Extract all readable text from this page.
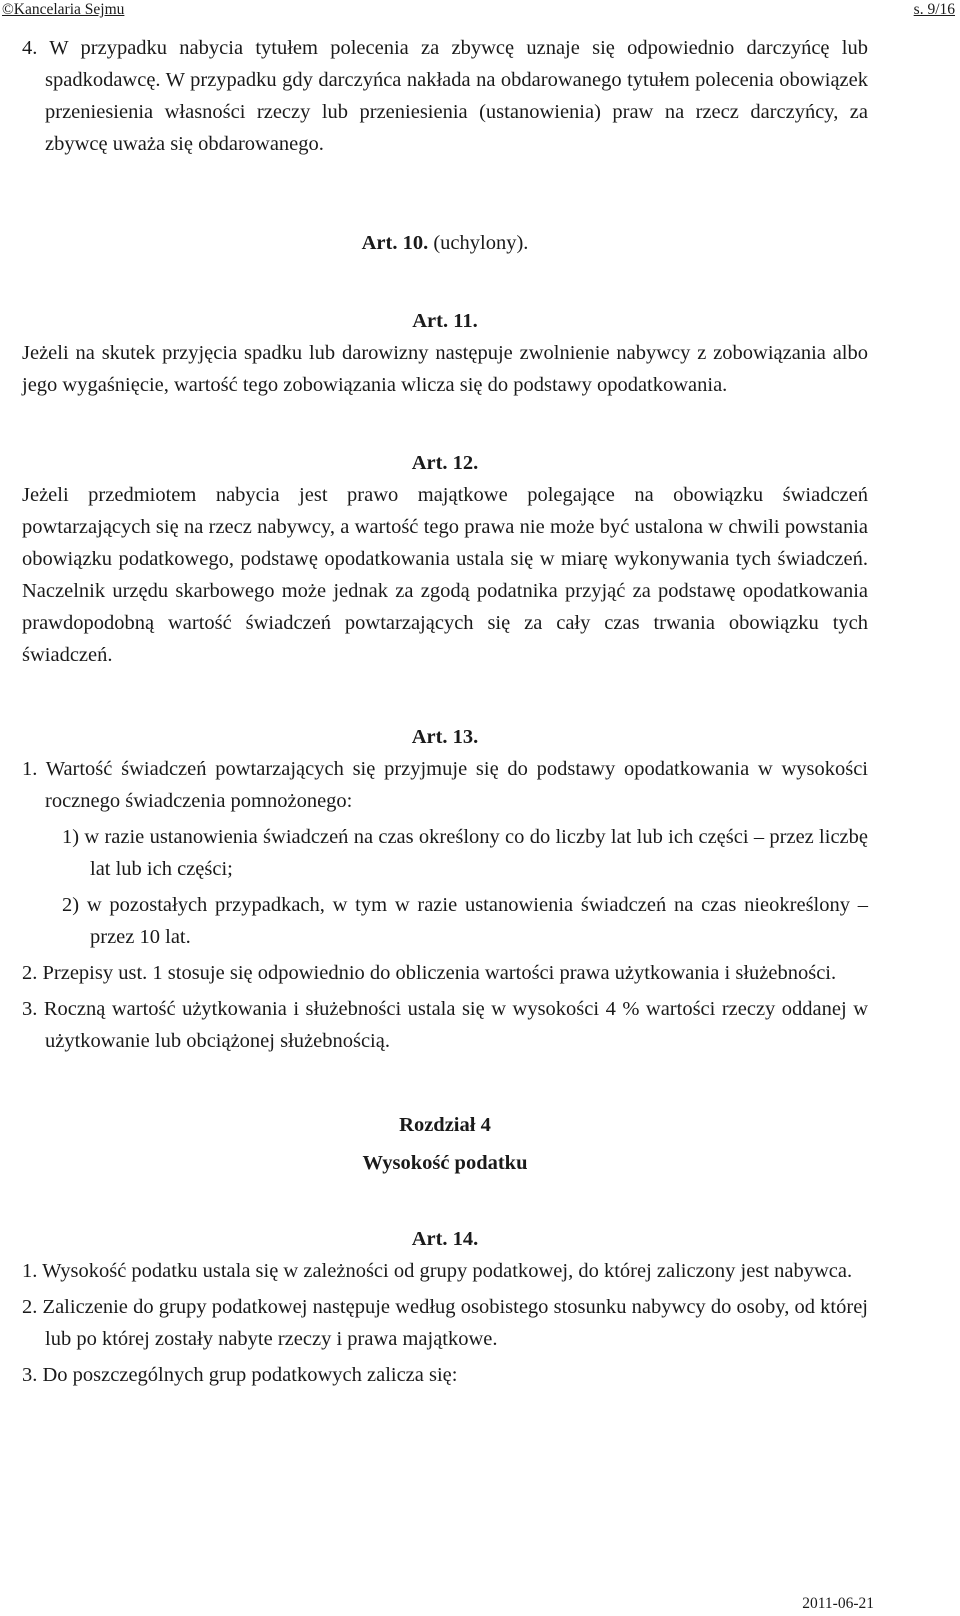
©Kancelaria Sejmu	s. 9/16

4. W przypadku nabycia tytułem polecenia za zbywcę uznaje się odpowiednio darczyńcę lub spadkodawcę. W przypadku gdy darczyńca nakłada na obdarowanego tytułem polecenia obowiązek przeniesienia własności rzeczy lub przeniesienia (ustanowienia) praw na rzecz darczyńcy, za zbywcę uważa się obdarowanego.

Art. 10. (uchylony).
Art. 11.

Jeżeli na skutek przyjęcia spadku lub darowizny następuje zwolnienie nabywcy z zobowiązania albo jego wygaśnięcie, wartość tego zobowiązania wlicza się do podstawy opodatkowania.

Art. 12.

Jeżeli przedmiotem nabycia jest prawo majątkowe polegające na obowiązku świadczeń powtarzających się na rzecz nabywcy, a wartość tego prawa nie może być ustalona w chwili powstania obowiązku podatkowego, podstawę opodatkowania ustala się w miarę wykonywania tych świadczeń. Naczelnik urzędu skarbowego może jednak za zgodą podatnika przyjąć za podstawę opodatkowania prawdopodobną wartość świadczeń powtarzających się za cały czas trwania obowiązku tych świadczeń.

Art. 13.

1. Wartość świadczeń powtarzających się przyjmuje się do podstawy opodatkowania w wysokości rocznego świadczenia pomnożonego:

1) w razie ustanowienia świadczeń na czas określony co do liczby lat lub ich części – przez liczbę lat lub ich części;

2) w pozostałych przypadkach, w tym w razie ustanowienia świadczeń na czas nieokreślony – przez 10 lat.

2. Przepisy ust. 1 stosuje się odpowiednio do obliczenia wartości prawa użytkowania i służebności.

3. Roczną wartość użytkowania i służebności ustala się w wysokości 4 % wartości rzeczy oddanej w użytkowanie lub obciążonej służebnością.

Rozdział 4
Wysokość podatku
Art. 14.

1. Wysokość podatku ustala się w zależności od grupy podatkowej, do której zaliczony jest nabywca.

2. Zaliczenie do grupy podatkowej następuje według osobistego stosunku nabywcy do osoby, od której lub po której zostały nabyte rzeczy i prawa majątkowe.

3. Do poszczególnych grup podatkowych zalicza się:

2011-06-21
